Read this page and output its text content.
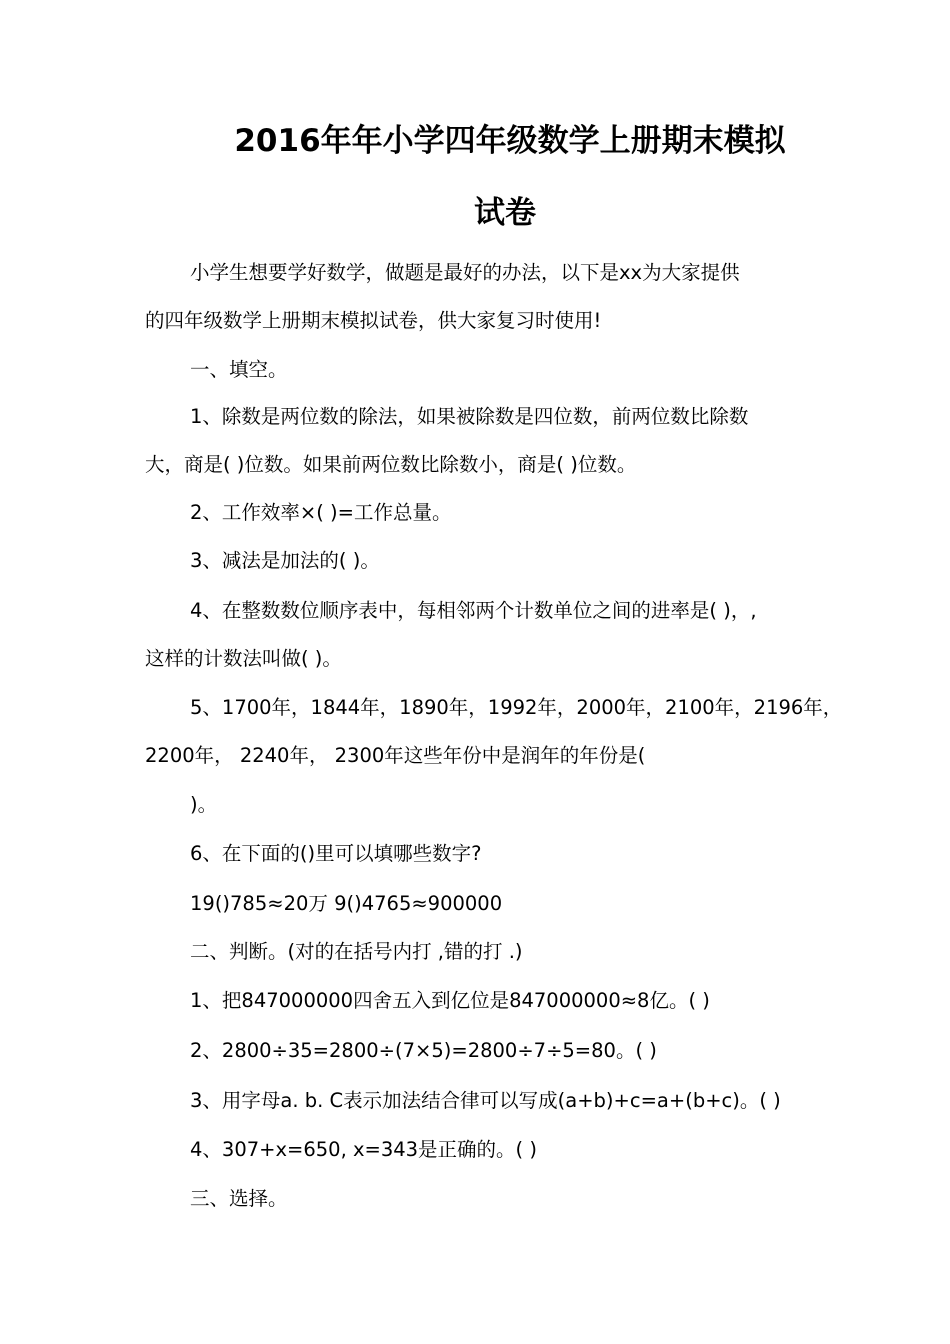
2016年年小学四年级数学上册期末模拟
试卷
小学生想要学好数学，做题是最好的办法，以下是xx为大家提供
的四年级数学上册期末模拟试卷，供大家复习时使用!
一、填空。
1、除数是两位数的除法，如果被除数是四位数，前两位数比除数
大，商是( )位数。如果前两位数比除数小，商是( )位数。
2、工作效率×( )=工作总量。
3、减法是加法的( )。
4、在整数数位顺序表中，每相邻两个计数单位之间的进率是( )，,
这样的计数法叫做( )。
5、1700年，1844年，1890年，1992年，2000年，2100年，2196年，
2200年， 2240年， 2300年这些年份中是润年的年份是(
)。
6、在下面的()里可以填哪些数字?
19()785≈20万 9()4765≈900000
二、判断。(对的在括号内打 ,错的打 .)
1、把847000000四舍五入到亿位是847000000≈8亿。( )
2、2800÷35=2800÷(7×5)=2800÷7÷5=80。( )
3、用字母a. b. C表示加法结合律可以写成(a+b)+c=a+(b+c)。( )
4、307+x=650, x=343是正确的。( )
三、选择。
